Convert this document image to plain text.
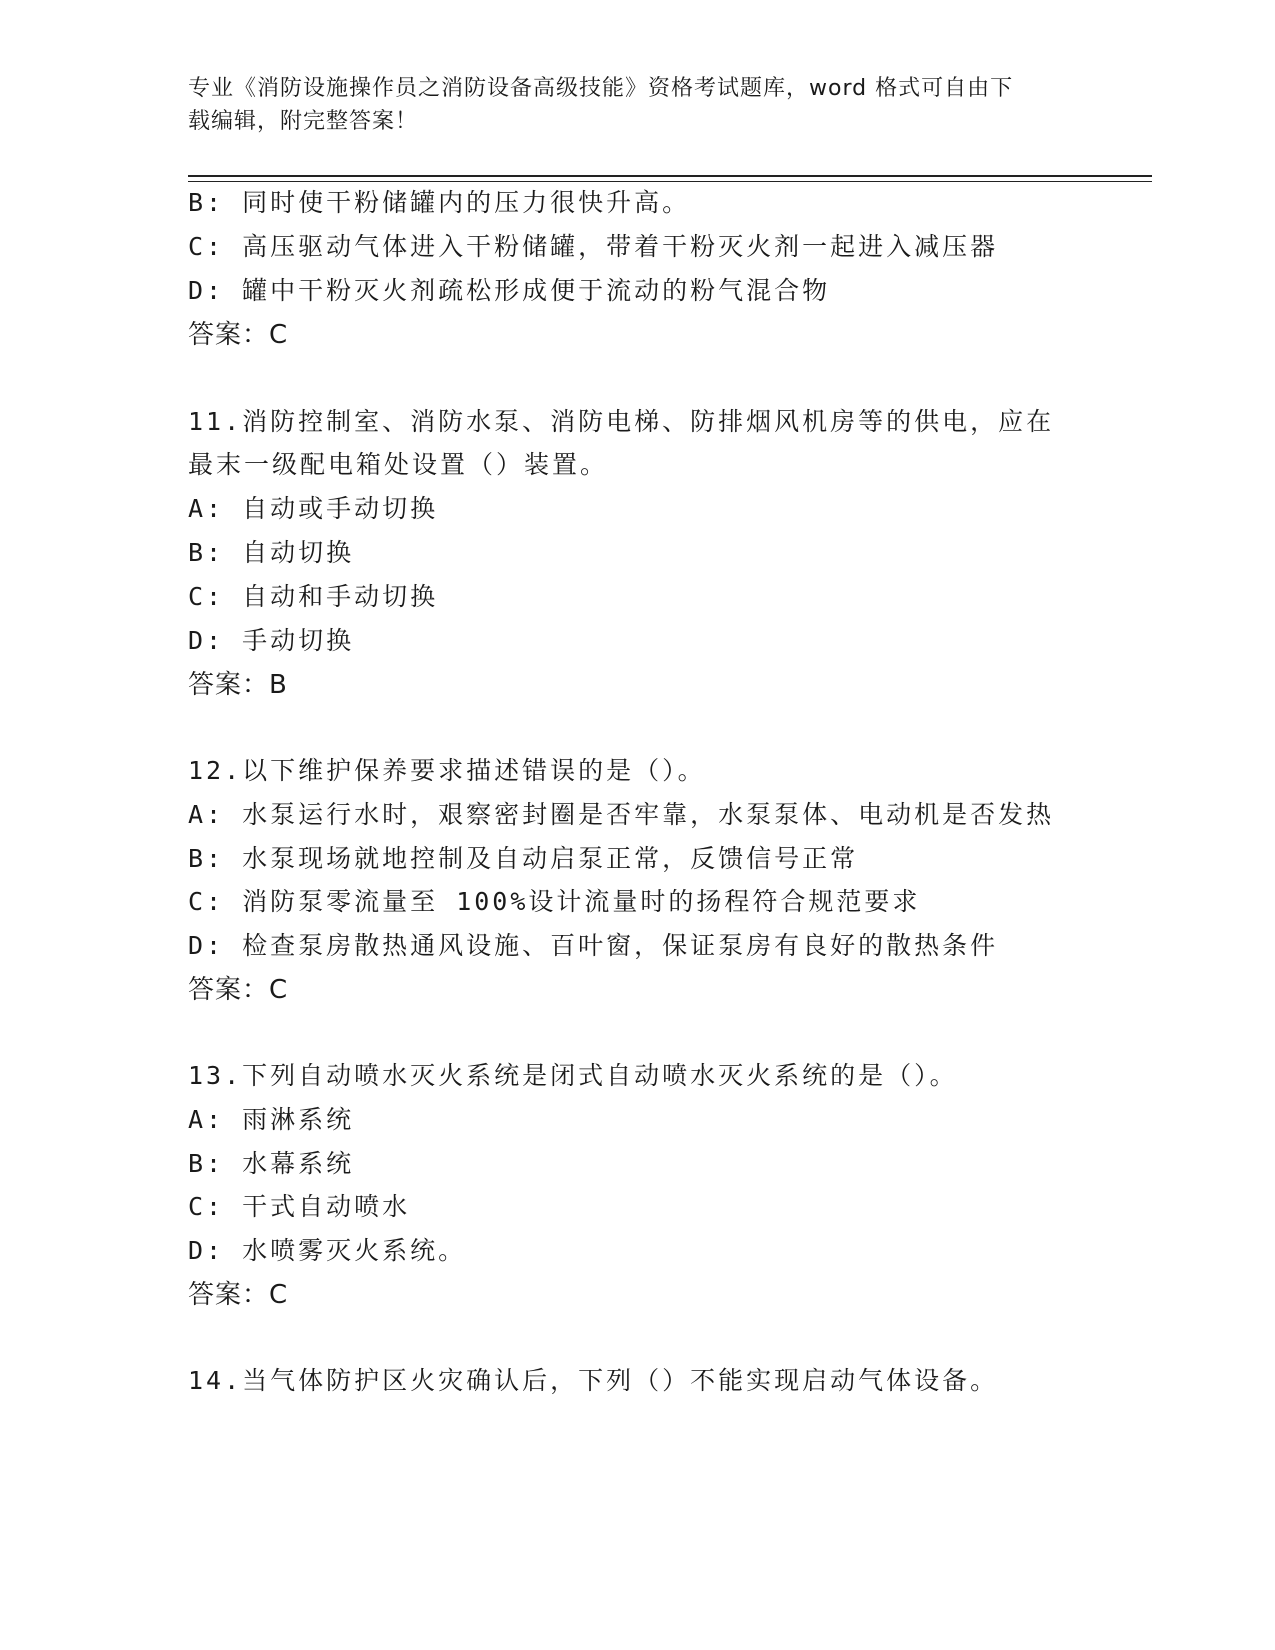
专业《消防设施操作员之消防设备高级技能》资格考试题库，word 格式可自由下
载编辑，附完整答案！
B: 同时使干粉储罐内的压力很快升高。
C: 高压驱动气体进入干粉储罐，带着干粉灭火剂一起进入减压器
D: 罐中干粉灭火剂疏松形成便于流动的粉气混合物
答案：C
11.消防控制室、消防水泵、消防电梯、防排烟风机房等的供电，应在
最末一级配电箱处设置（）装置。
A: 自动或手动切换
B: 自动切换
C: 自动和手动切换
D: 手动切换
答案：B
12.以下维护保养要求描述错误的是（）。
A: 水泵运行水时，艰察密封圈是否牢靠，水泵泵体、电动机是否发热
B: 水泵现场就地控制及自动启泵正常，反馈信号正常
C: 消防泵零流量至 100%设计流量时的扬程符合规范要求
D: 检查泵房散热通风设施、百叶窗，保证泵房有良好的散热条件
答案：C
13.下列自动喷水灭火系统是闭式自动喷水灭火系统的是（）。
A: 雨淋系统
B: 水幕系统
C: 干式自动喷水
D: 水喷雾灭火系统。
答案：C
14.当气体防护区火灾确认后，下列（）不能实现启动气体设备。
